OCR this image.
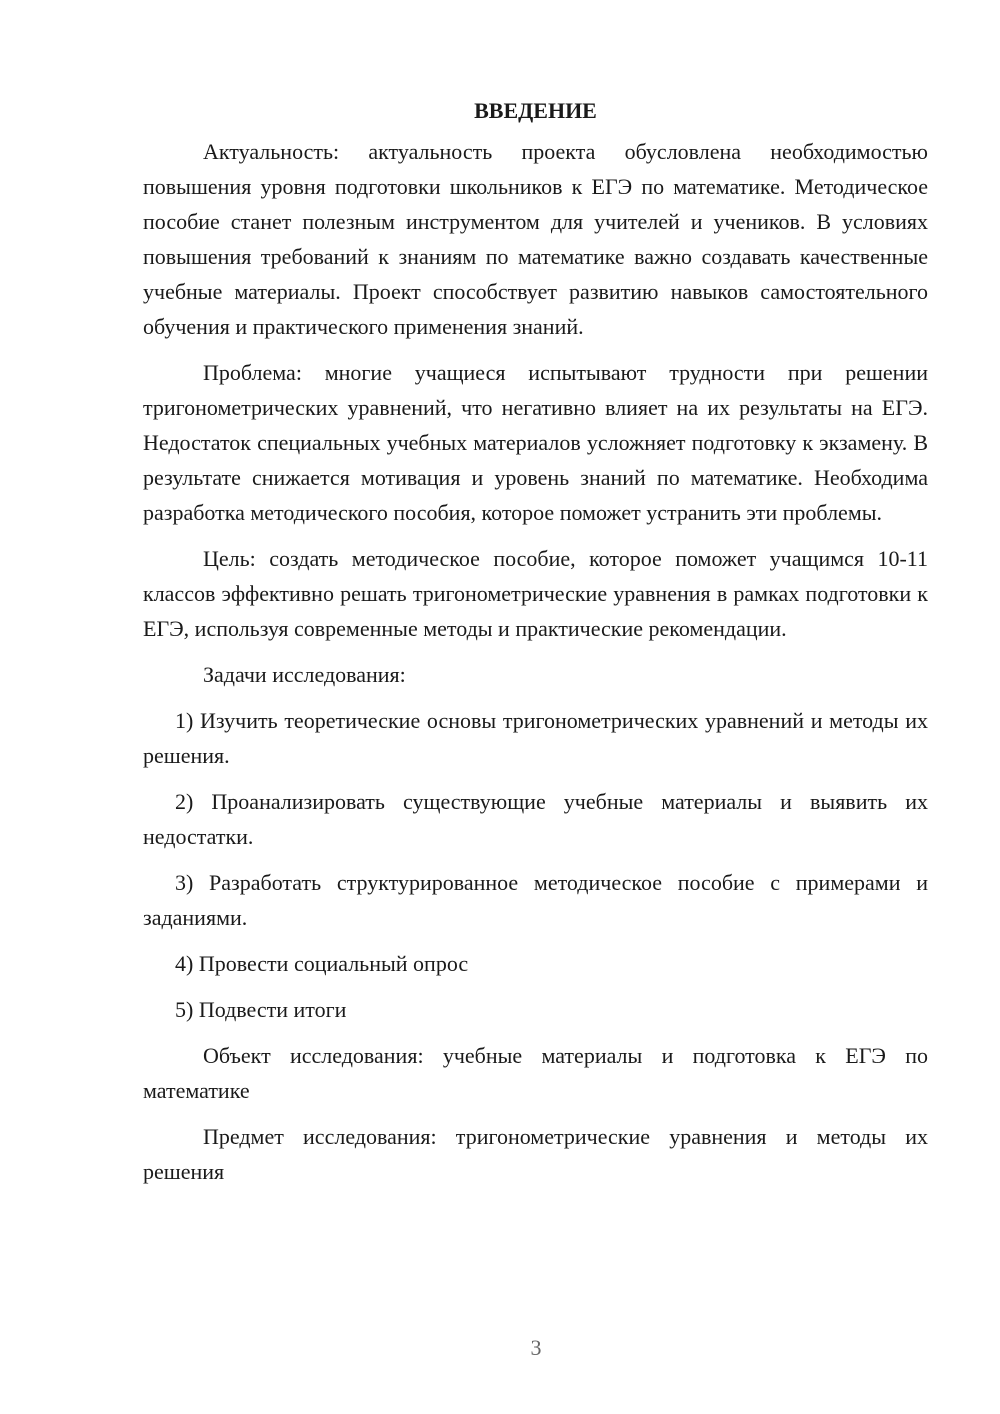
ВВЕДЕНИЕ

Актуальность: актуальность проекта обусловлена необходимостью повышения уровня подготовки школьников к ЕГЭ по математике. Методическое пособие станет полезным инструментом для учителей и учеников. В условиях повышения требований к знаниям по математике важно создавать качественные учебные материалы. Проект способствует развитию навыков самостоятельного обучения и практического применения знаний.

Проблема: многие учащиеся испытывают трудности при решении тригонометрических уравнений, что негативно влияет на их результаты на ЕГЭ. Недостаток специальных учебных материалов усложняет подготовку к экзамену. В результате снижается мотивация и уровень знаний по математике. Необходима разработка методического пособия, которое поможет устранить эти проблемы.

Цель: создать методическое пособие, которое поможет учащимся 10-11 классов эффективно решать тригонометрические уравнения в рамках подготовки к ЕГЭ, используя современные методы и практические рекомендации.

Задачи исследования:

1) Изучить теоретические основы тригонометрических уравнений и методы их решения.

2) Проанализировать существующие учебные материалы и выявить их недостатки.

3) Разработать структурированное методическое пособие с примерами и заданиями.

4) Провести социальный опрос

5) Подвести итоги

Объект исследования: учебные материалы и подготовка к ЕГЭ по математике

Предмет исследования: тригонометрические уравнения и методы их решения

3
